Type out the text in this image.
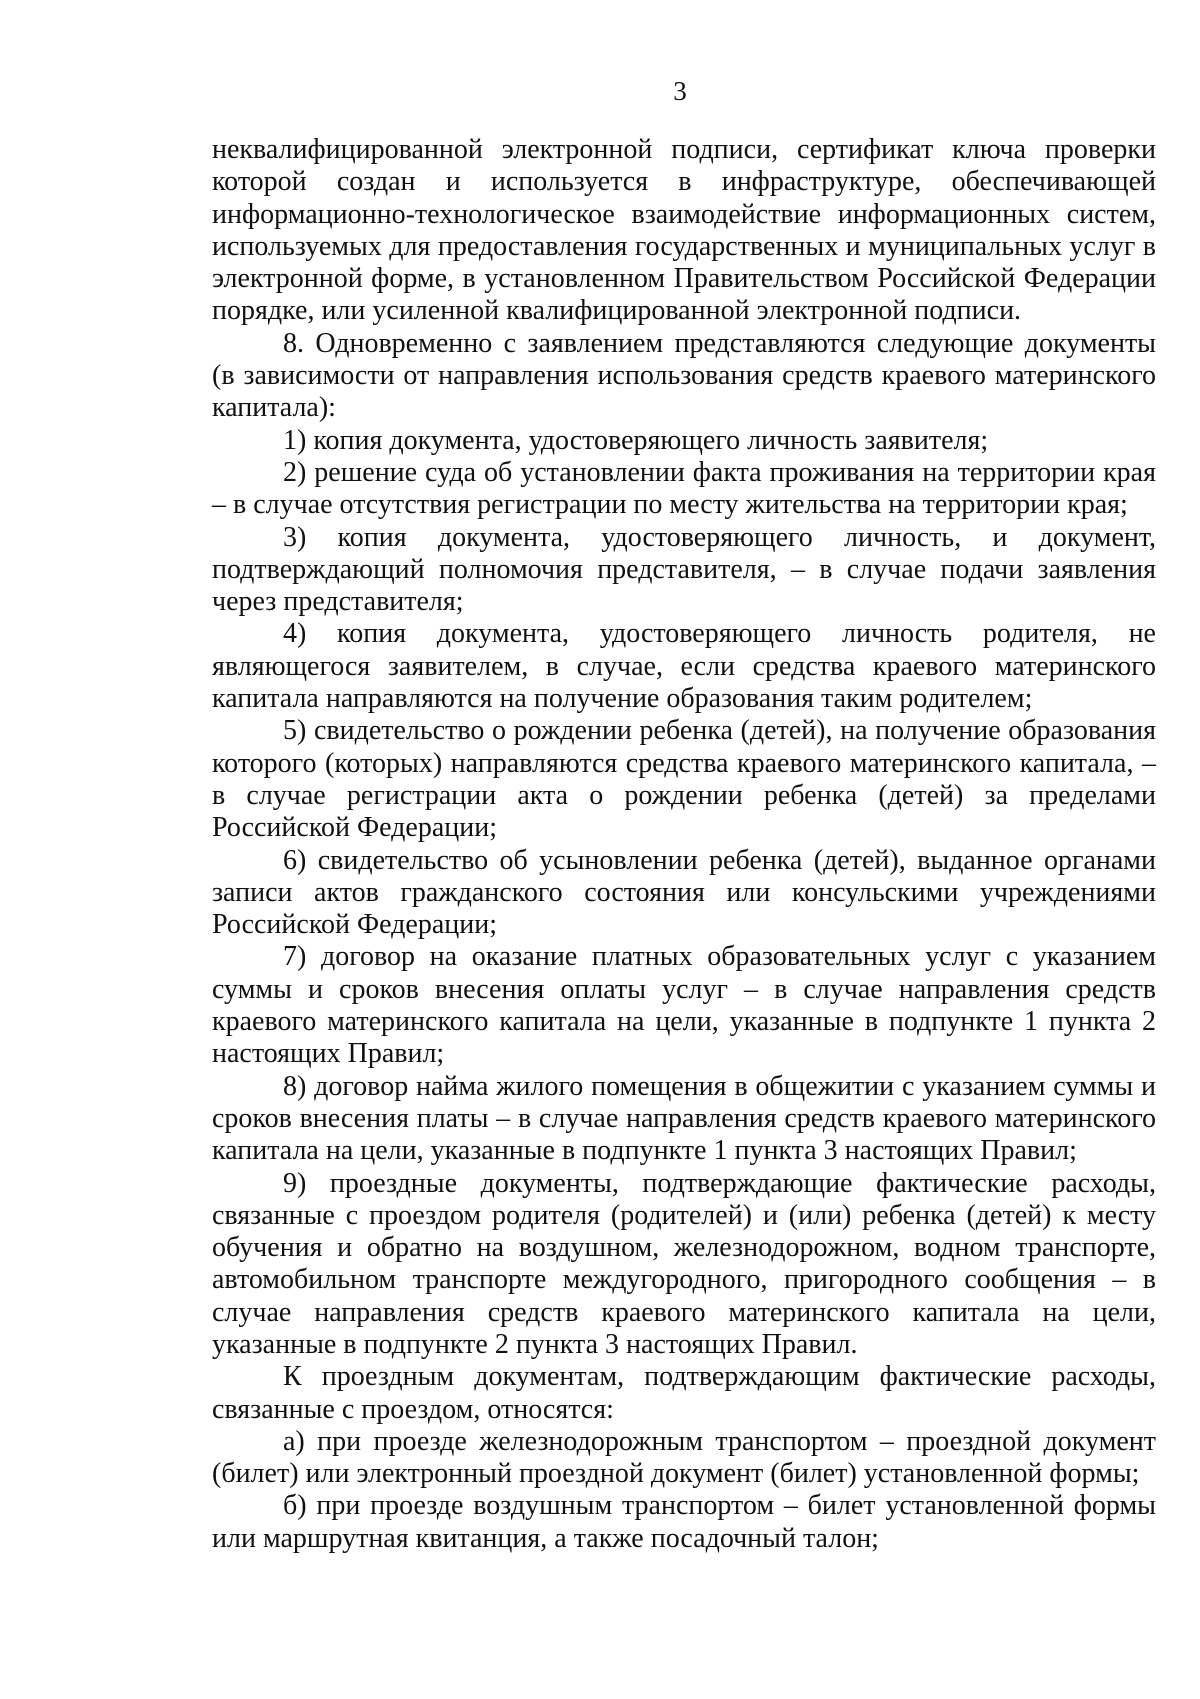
3

неквалифицированной электронной подписи, сертификат ключа проверки которой создан и используется в инфраструктуре, обеспечивающей информационно-технологическое взаимодействие информационных систем, используемых для предоставления государственных и муниципальных услуг в электронной форме, в установленном Правительством Российской Федерации порядке, или усиленной квалифицированной электронной подписи.

8. Одновременно с заявлением представляются следующие документы (в зависимости от направления использования средств краевого материнского капитала):

1) копия документа, удостоверяющего личность заявителя;

2) решение суда об установлении факта проживания на территории края – в случае отсутствия регистрации по месту жительства на территории края;

3) копия документа, удостоверяющего личность, и документ, подтверждающий полномочия представителя, – в случае подачи заявления через представителя;

4) копия документа, удостоверяющего личность родителя, не являющегося заявителем, в случае, если средства краевого материнского капитала направляются на получение образования таким родителем;

5) свидетельство о рождении ребенка (детей), на получение образования которого (которых) направляются средства краевого материнского капитала, – в случае регистрации акта о рождении ребенка (детей) за пределами Российской Федерации;

6) свидетельство об усыновлении ребенка (детей), выданное органами записи актов гражданского состояния или консульскими учреждениями Российской Федерации;

7) договор на оказание платных образовательных услуг с указанием суммы и сроков внесения оплаты услуг – в случае направления средств краевого материнского капитала на цели, указанные в подпункте 1 пункта 2 настоящих Правил;

8) договор найма жилого помещения в общежитии с указанием суммы и сроков внесения платы – в случае направления средств краевого материнского капитала на цели, указанные в подпункте 1 пункта 3 настоящих Правил;

9) проездные документы, подтверждающие фактические расходы, связанные с проездом родителя (родителей) и (или) ребенка (детей) к месту обучения и обратно на воздушном, железнодорожном, водном транспорте, автомобильном транспорте междугородного, пригородного сообщения – в случае направления средств краевого материнского капитала на цели, указанные в подпункте 2 пункта 3 настоящих Правил.

К проездным документам, подтверждающим фактические расходы, связанные с проездом, относятся:

а) при проезде железнодорожным транспортом – проездной документ (билет) или электронный проездной документ (билет) установленной формы;

б) при проезде воздушным транспортом – билет установленной формы или маршрутная квитанция, а также посадочный талон;
